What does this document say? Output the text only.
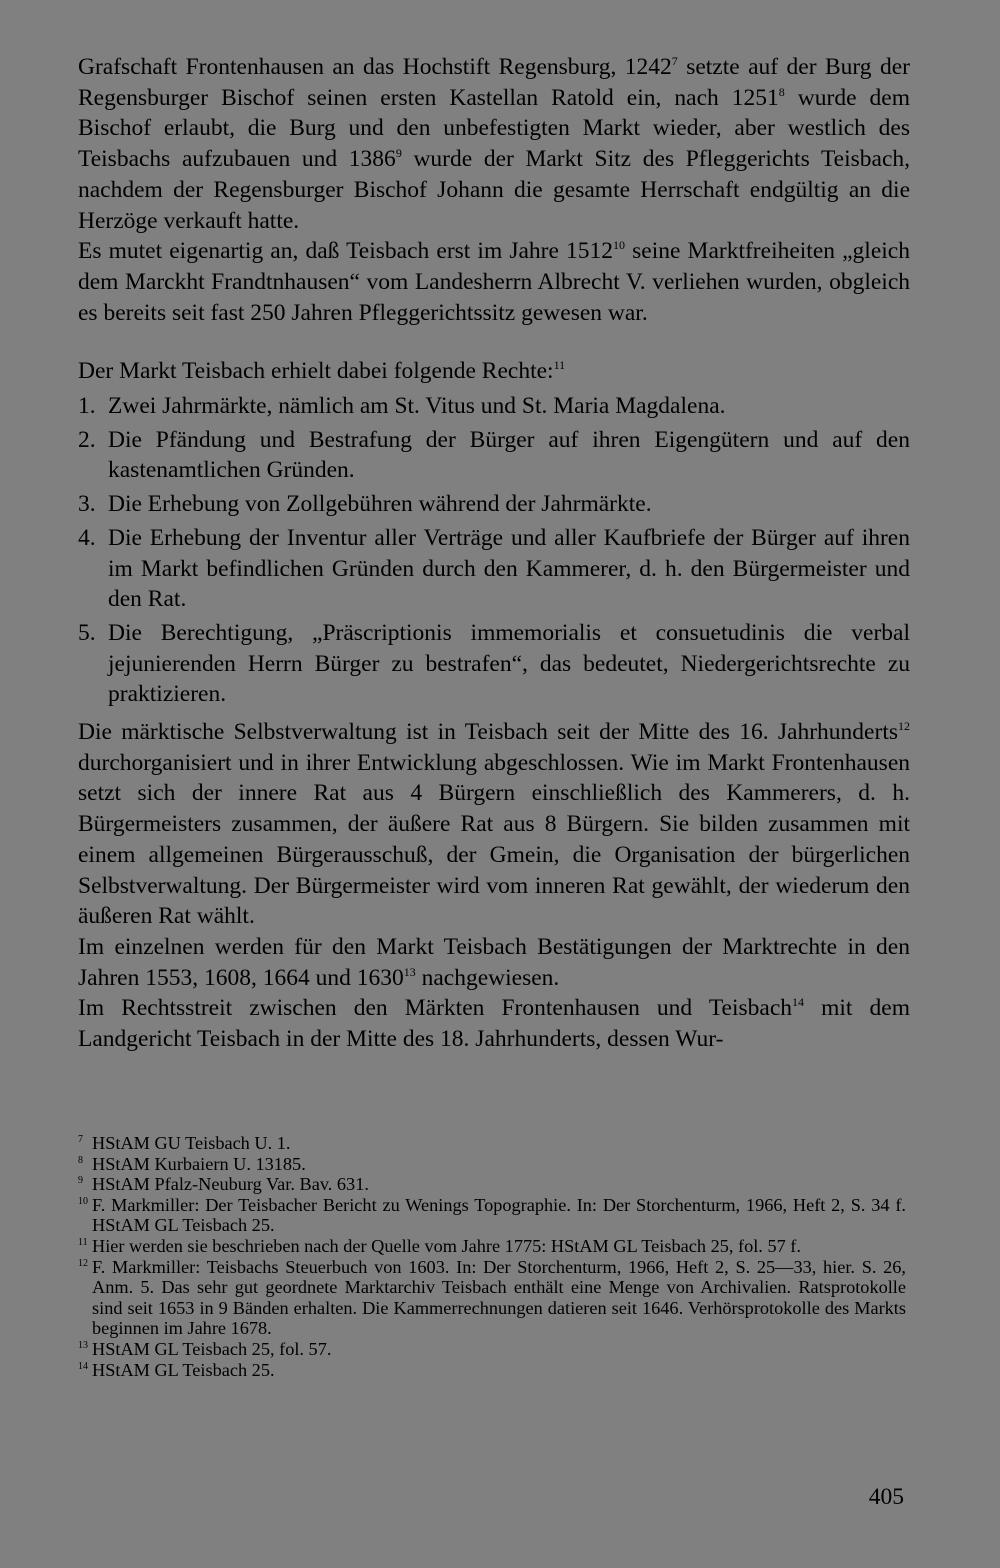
Grafschaft Frontenhausen an das Hochstift Regensburg, 1242$^7$ setzte auf der Burg der Regensburger Bischof seinen ersten Kastellan Ratold ein, nach 1251$^8$ wurde dem Bischof erlaubt, die Burg und den unbefestigten Markt wieder, aber westlich des Teisbachs aufzubauen und 1386$^9$ wurde der Markt Sitz des Pfleggerichts Teisbach, nachdem der Regensburger Bischof Johann die gesamte Herrschaft endgültig an die Herzöge verkauft hatte.

Es mutet eigenartig an, daß Teisbach erst im Jahre 1512$^{10}$ seine Marktfreiheiten „gleich dem Marckht Frandtnhausen“ vom Landesherrn Albrecht V. verliehen wurden, obgleich es bereits seit fast 250 Jahren Pfleggerichtssitz gewesen war.

Der Markt Teisbach erhielt dabei folgende Rechte:$^{11}$

1. Zwei Jahrmärkte, nämlich am St. Vitus und St. Maria Magdalena.
2. Die Pfändung und Bestrafung der Bürger auf ihren Eigengütern und auf den kastenamtlichen Gründen.
3. Die Erhebung von Zollgebühren während der Jahrmärkte.
4. Die Erhebung der Inventur aller Verträge und aller Kaufbriefe der Bürger auf ihren im Markt befindlichen Gründen durch den Kammerer, d. h. den Bürgermeister und den Rat.
5. Die Berechtigung, „Präscriptionis immemorialis et consuetudinis die verbal jejunierenden Herrn Bürger zu bestrafen“, das bedeutet, Niedergerichtsrechte zu praktizieren.

Die märktische Selbstverwaltung ist in Teisbach seit der Mitte des 16. Jahrhunderts$^{12}$ durchorganisiert und in ihrer Entwicklung abgeschlossen. Wie im Markt Frontenhausen setzt sich der innere Rat aus 4 Bürgern einschließlich des Kammerers, d. h. Bürgermeisters zusammen, der äußere Rat aus 8 Bürgern. Sie bilden zusammen mit einem allgemeinen Bürgerausschuß, der Gmein, die Organisation der bürgerlichen Selbstverwaltung. Der Bürgermeister wird vom inneren Rat gewählt, der wiederum den äußeren Rat wählt.

Im einzelnen werden für den Markt Teisbach Bestätigungen der Marktrechte in den Jahren 1553, 1608, 1664 und 1630$^{13}$ nachgewiesen.

Im Rechtsstreit zwischen den Märkten Frontenhausen und Teisbach$^{14}$ mit dem Landgericht Teisbach in der Mitte des 18. Jahrhunderts, dessen Wur-

7 HStAM GU Teisbach U. 1.

8 HStAM Kurbaiern U. 13185.

9 HStAM Pfalz-Neuburg Var. Bav. 631.

10 F. Markmiller: Der Teisbacher Bericht zu Wenings Topographie. In: Der Storchenturm, 1966, Heft 2, S. 34 f. HStAM GL Teisbach 25.

11 Hier werden sie beschrieben nach der Quelle vom Jahre 1775: HStAM GL Teisbach 25, fol. 57 f.

12 F. Markmiller: Teisbachs Steuerbuch von 1603. In: Der Storchenturm, 1966, Heft 2, S. 25—33, hier. S. 26, Anm. 5. Das sehr gut geordnete Marktarchiv Teisbach enthält eine Menge von Archivalien. Ratsprotokolle sind seit 1653 in 9 Bänden erhalten. Die Kammerrechnungen datieren seit 1646. Verhörsprotokolle des Markts beginnen im Jahre 1678.

13 HStAM GL Teisbach 25, fol. 57.

14 HStAM GL Teisbach 25.

405
